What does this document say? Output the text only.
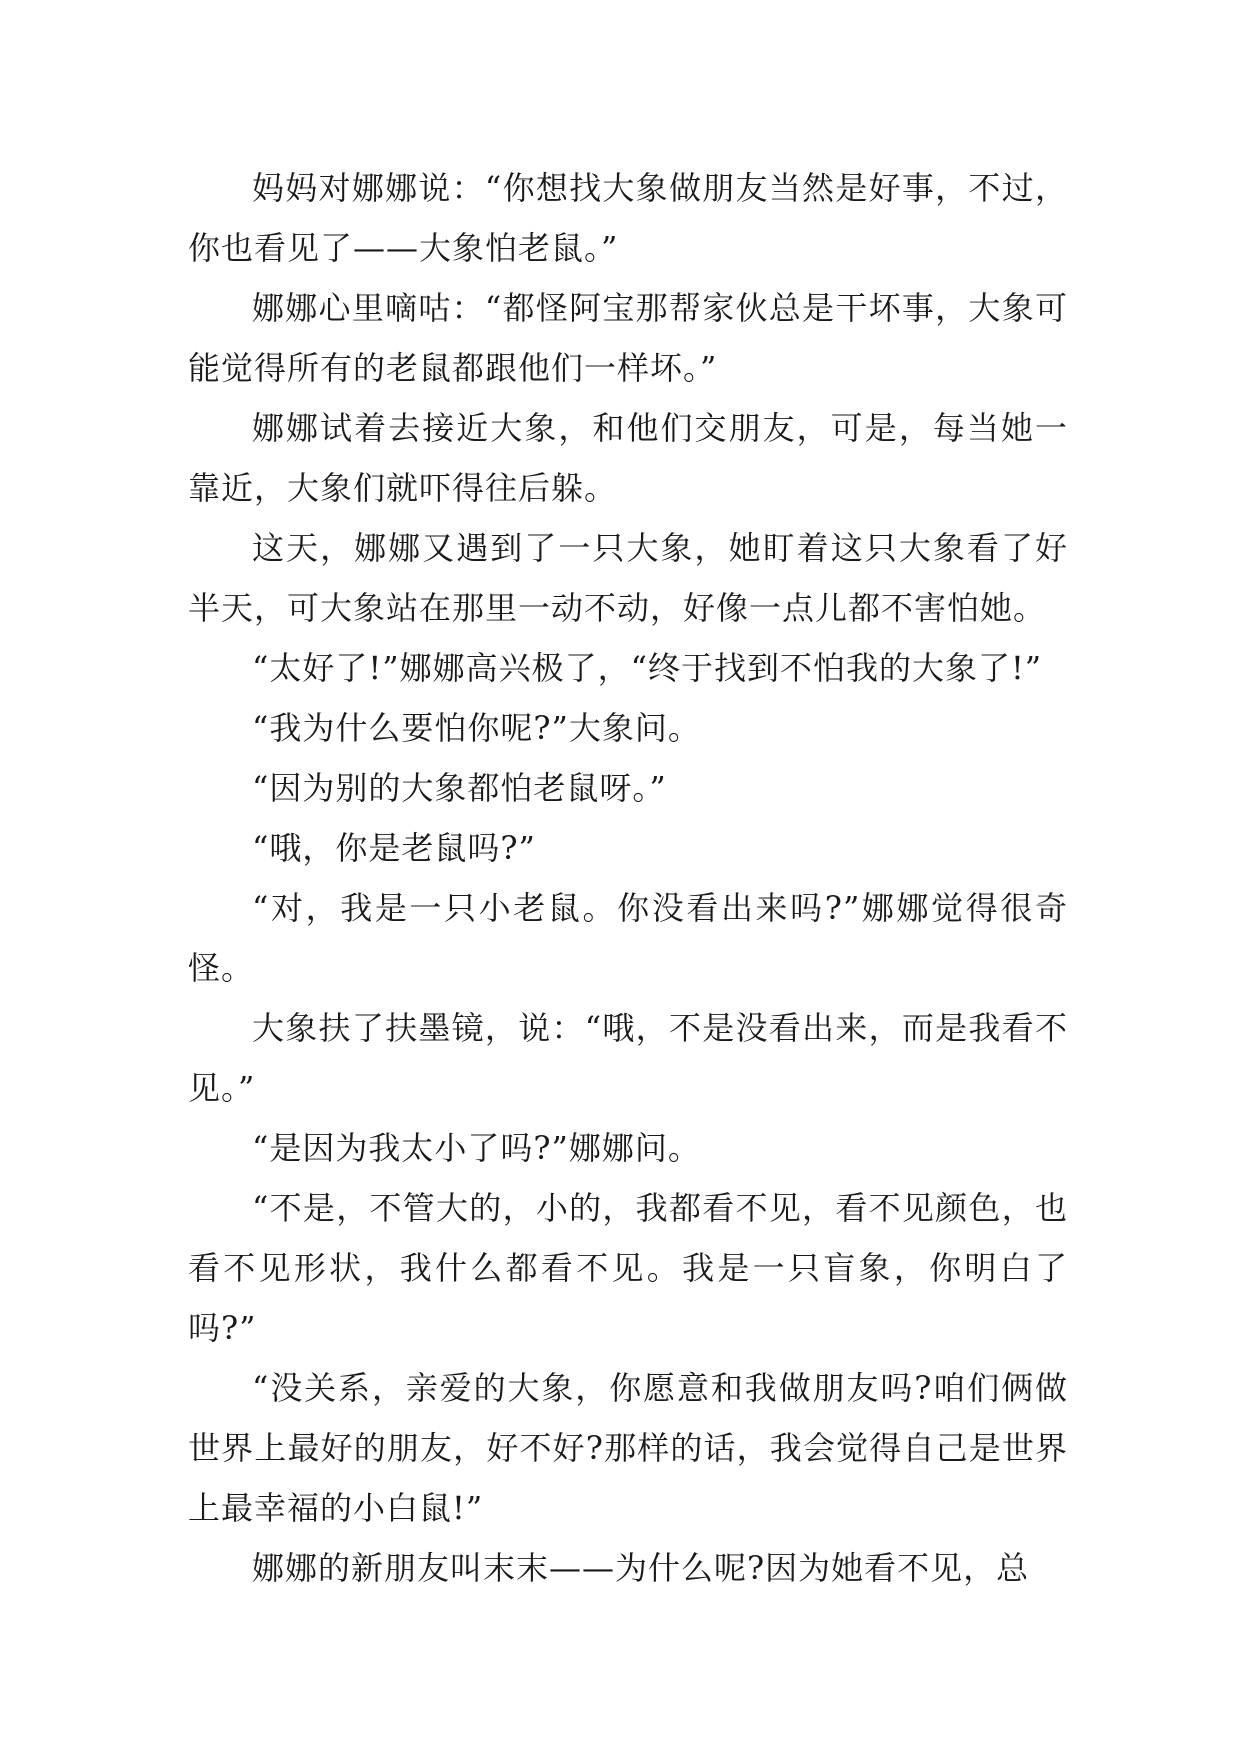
妈妈对娜娜说：“你想找大象做朋友当然是好事，不过，你也看见了——大象怕老鼠。”

娜娜心里嘀咕：“都怪阿宝那帮家伙总是干坏事，大象可能觉得所有的老鼠都跟他们一样坏。”

娜娜试着去接近大象，和他们交朋友，可是，每当她一靠近，大象们就吓得往后躲。

这天，娜娜又遇到了一只大象，她盯着这只大象看了好半天，可大象站在那里一动不动，好像一点儿都不害怕她。

“太好了!”娜娜高兴极了，“终于找到不怕我的大象了!”

“我为什么要怕你呢?”大象问。

“因为别的大象都怕老鼠呀。”

“哦，你是老鼠吗?”

“对，我是一只小老鼠。你没看出来吗?”娜娜觉得很奇怪。

大象扶了扶墨镜，说：“哦，不是没看出来，而是我看不见。”

“是因为我太小了吗?”娜娜问。

“不是，不管大的，小的，我都看不见，看不见颜色，也看不见形状，我什么都看不见。我是一只盲象，你明白了吗?”

“没关系，亲爱的大象，你愿意和我做朋友吗?咱们俩做世界上最好的朋友，好不好?那样的话，我会觉得自己是世界上最幸福的小白鼠!”

娜娜的新朋友叫末末——为什么呢?因为她看不见，总
